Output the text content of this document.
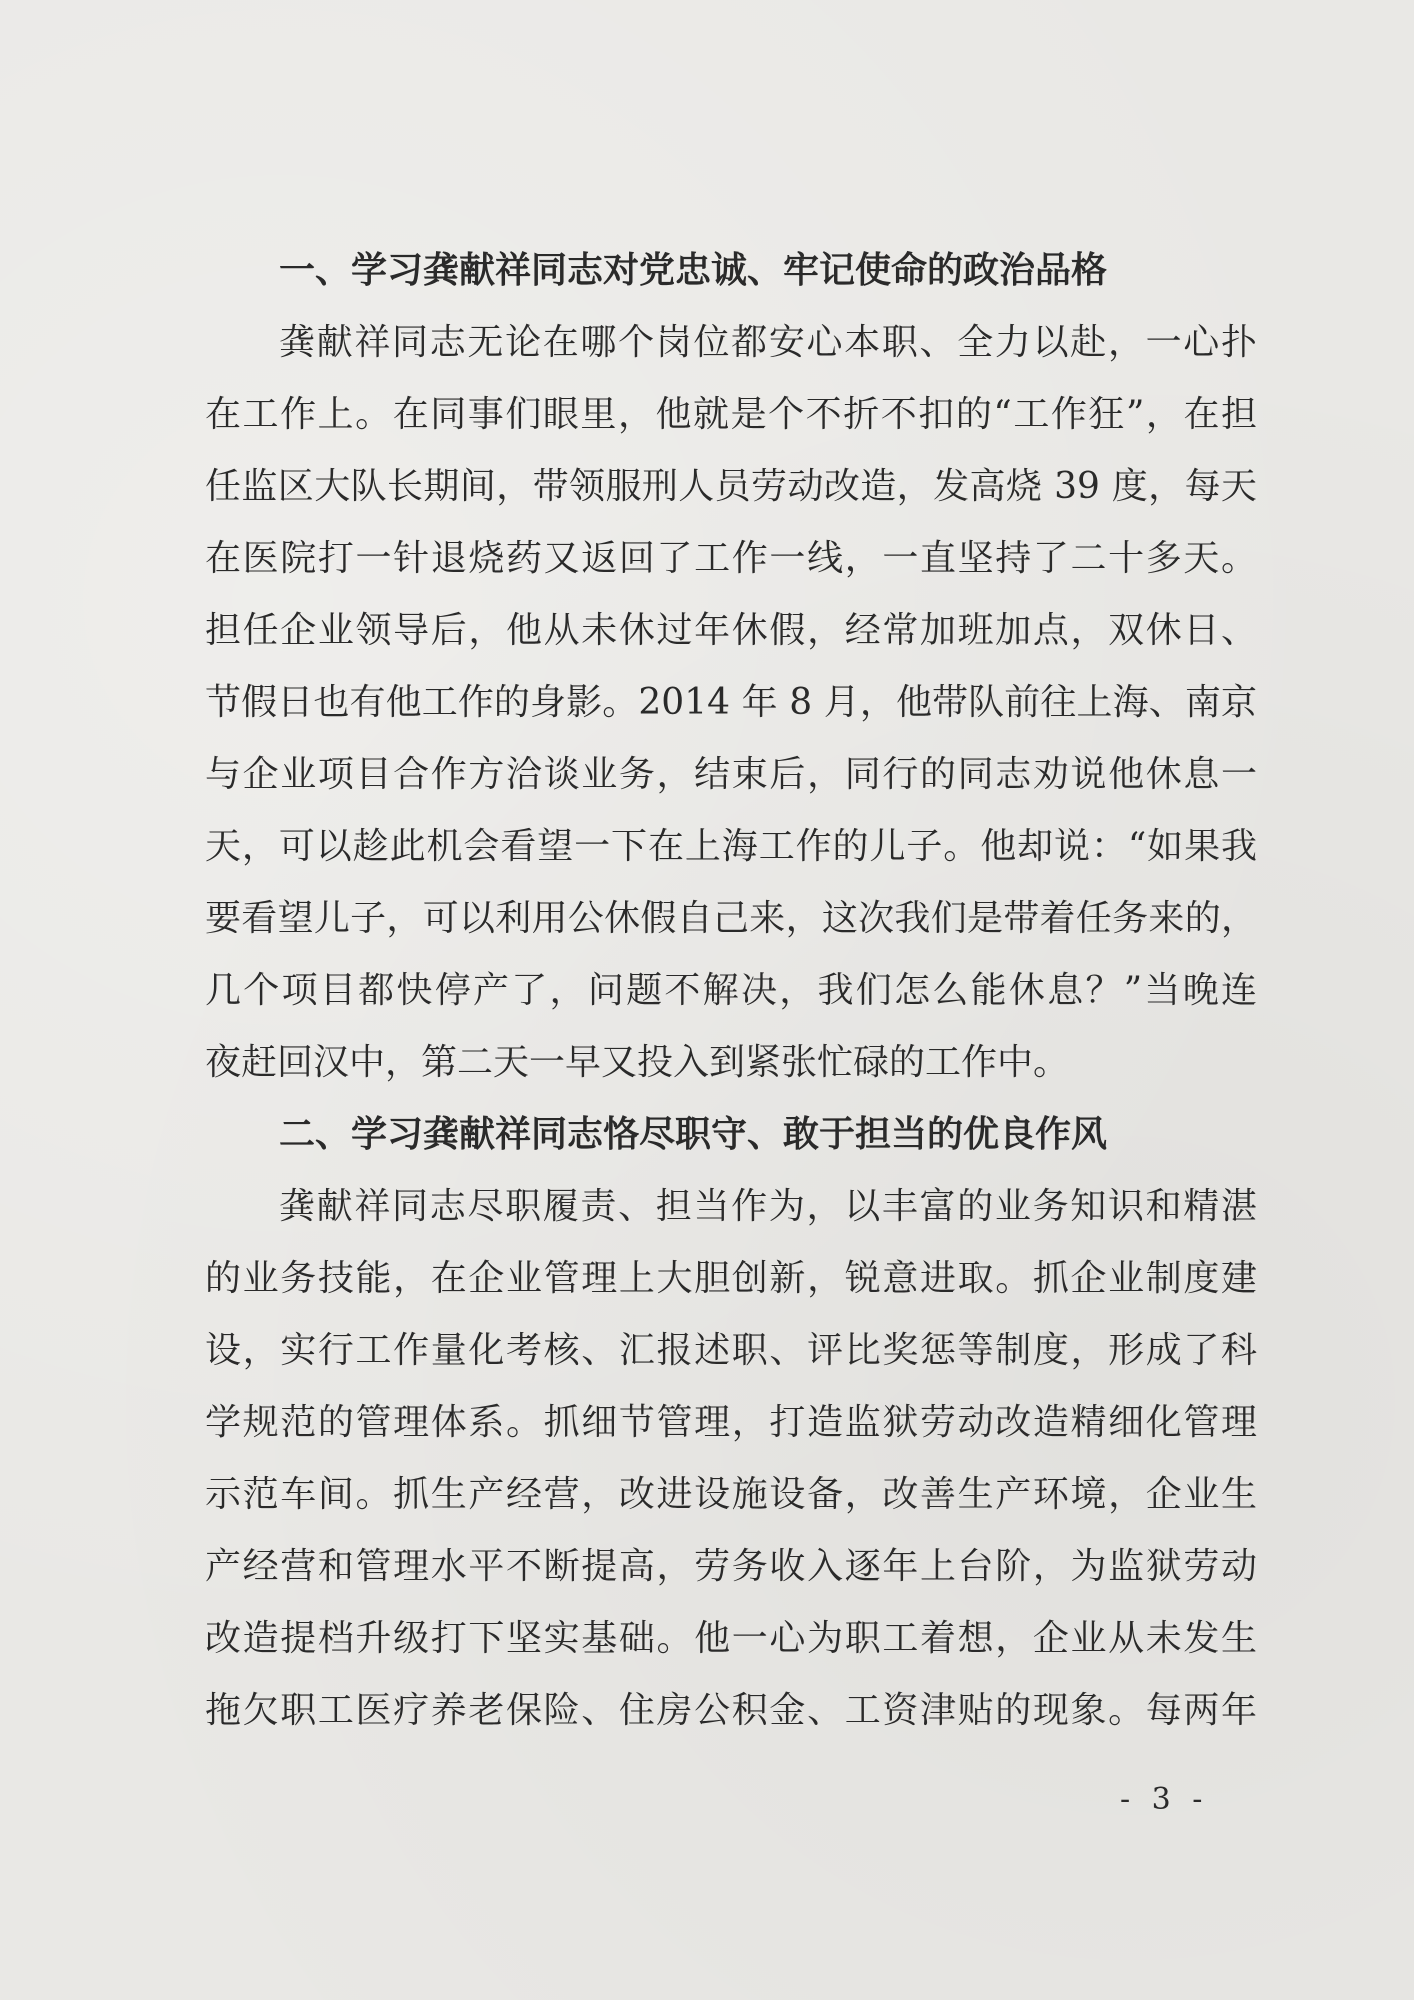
一、学习龚献祥同志对党忠诚、牢记使命的政治品格
龚献祥同志无论在哪个岗位都安心本职、全力以赴，一心扑
在工作上。在同事们眼里，他就是个不折不扣的“工作狂”，在担
任监区大队长期间，带领服刑人员劳动改造，发高烧 39 度，每天
在医院打一针退烧药又返回了工作一线，一直坚持了二十多天。
担任企业领导后，他从未休过年休假，经常加班加点，双休日、
节假日也有他工作的身影。2014 年 8 月，他带队前往上海、南京
与企业项目合作方洽谈业务，结束后，同行的同志劝说他休息一
天，可以趁此机会看望一下在上海工作的儿子。他却说：“如果我
要看望儿子，可以利用公休假自己来，这次我们是带着任务来的，
几个项目都快停产了，问题不解决，我们怎么能休息？”当晚连
夜赶回汉中，第二天一早又投入到紧张忙碌的工作中。
二、学习龚献祥同志恪尽职守、敢于担当的优良作风
龚献祥同志尽职履责、担当作为，以丰富的业务知识和精湛
的业务技能，在企业管理上大胆创新，锐意进取。抓企业制度建
设，实行工作量化考核、汇报述职、评比奖惩等制度，形成了科
学规范的管理体系。抓细节管理，打造监狱劳动改造精细化管理
示范车间。抓生产经营，改进设施设备，改善生产环境，企业生
产经营和管理水平不断提高，劳务收入逐年上台阶，为监狱劳动
改造提档升级打下坚实基础。他一心为职工着想，企业从未发生
拖欠职工医疗养老保险、住房公积金、工资津贴的现象。每两年
- 3 -
